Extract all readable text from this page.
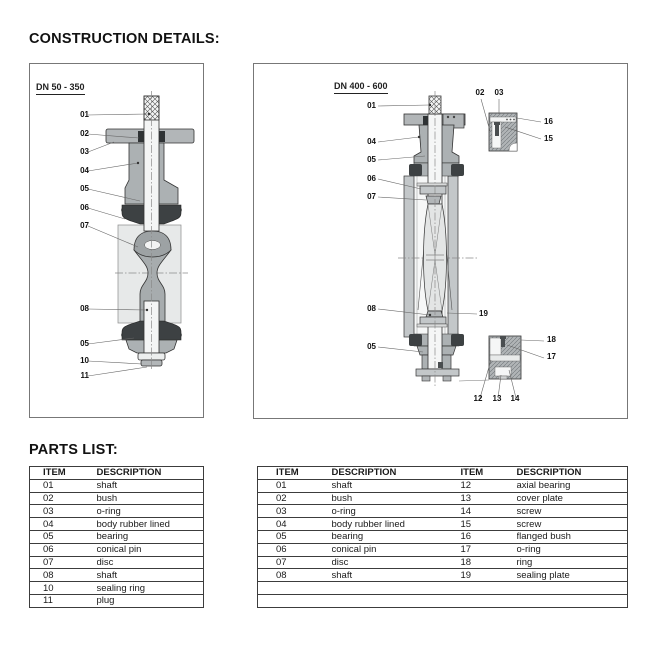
CONSTRUCTION DETAILS:
DN 50 - 350
01
02
03
04
05
06
07
08
05
10
11
DN 400 - 600
01
04
05
06
07
08
05
19
02	03
16
15
18
17
12	13	14
PARTS LIST:
ITEM	DESCRIPTION
01	shaft
02	bush
03	o-ring
04	body rubber lined
05	bearing
06	conical pin
07	disc
08	shaft
10	sealing ring
11	plug
ITEM	DESCRIPTION	ITEM	DESCRIPTION
01	shaft	12	axial bearing
02	bush	13	cover plate
03	o-ring	14	screw
04	body rubber lined	15	screw
05	bearing	16	flanged bush
06	conical pin	17	o-ring
07	disc	18	ring
08	shaft	19	sealing plate
